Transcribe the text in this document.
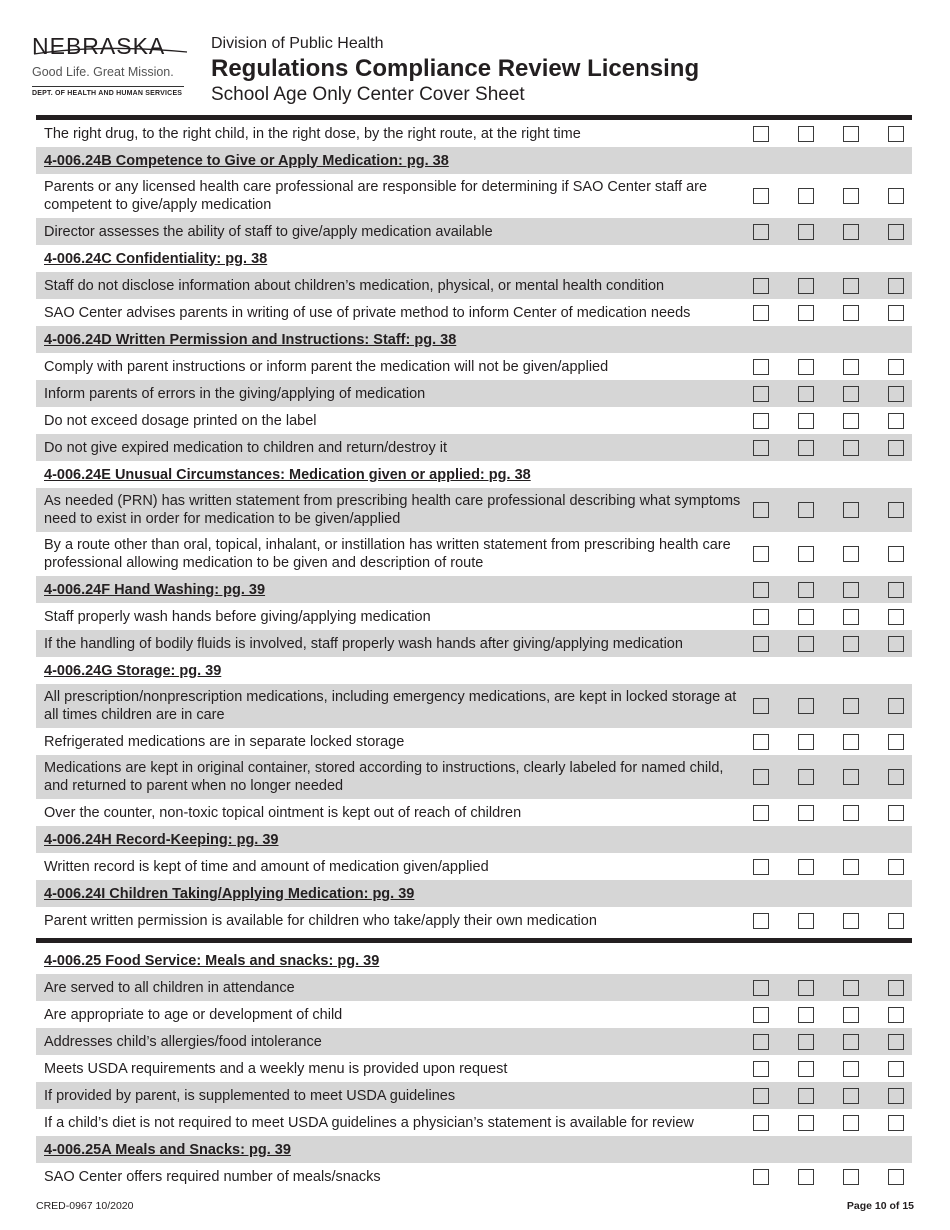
NEBRASKA
Good Life. Great Mission.
DEPT. OF HEALTH AND HUMAN SERVICES
Division of Public Health
Regulations Compliance Review Licensing
School Age Only Center Cover Sheet
The right drug, to the right child, in the right dose, by the right route, at the right time
4-006.24B Competence to Give or Apply Medication: pg. 38
Parents or any licensed health care professional are responsible for determining if SAO Center staff are competent to give/apply medication
Director assesses the ability of staff to give/apply medication available
4-006.24C Confidentiality: pg. 38
Staff do not disclose information about children’s medication, physical, or mental health condition
SAO Center advises parents in writing of use of private method to inform Center of medication needs
4-006.24D Written Permission and Instructions: Staff: pg. 38
Comply with parent instructions or inform parent the medication will not be given/applied
Inform parents of errors in the giving/applying of medication
Do not exceed dosage printed on the label
Do not give expired medication to children and return/destroy it
4-006.24E Unusual Circumstances: Medication given or applied: pg. 38
As needed (PRN) has written statement from prescribing health care professional describing what symptoms need to exist in order for medication to be given/applied
By a route other than oral, topical, inhalant, or instillation has written statement from prescribing health care professional allowing medication to be given and description of route
4-006.24F Hand Washing: pg. 39
Staff properly wash hands before giving/applying medication
If the handling of bodily fluids is involved, staff properly wash hands after giving/applying medication
4-006.24G Storage: pg. 39
All prescription/nonprescription medications, including emergency medications, are kept in locked storage at all times children are in care
Refrigerated medications are in separate locked storage
Medications are kept in original container, stored according to instructions, clearly labeled for named child, and returned to parent when no longer needed
Over the counter, non-toxic topical ointment is kept out of reach of children
4-006.24H Record-Keeping: pg. 39
Written record is kept of time and amount of medication given/applied
4-006.24I Children Taking/Applying Medication: pg. 39
Parent written permission is available for children who take/apply their own medication
4-006.25 Food Service: Meals and snacks: pg. 39
Are served to all children in attendance
Are appropriate to age or development of child
Addresses child’s allergies/food intolerance
Meets USDA requirements and a weekly menu is provided upon request
If provided by parent, is supplemented to meet USDA guidelines
If a child’s diet is not required to meet USDA guidelines a physician’s statement is available for review
4-006.25A Meals and Snacks: pg. 39
SAO Center offers required number of meals/snacks
CRED-0967 10/2020	Page 10 of 15
